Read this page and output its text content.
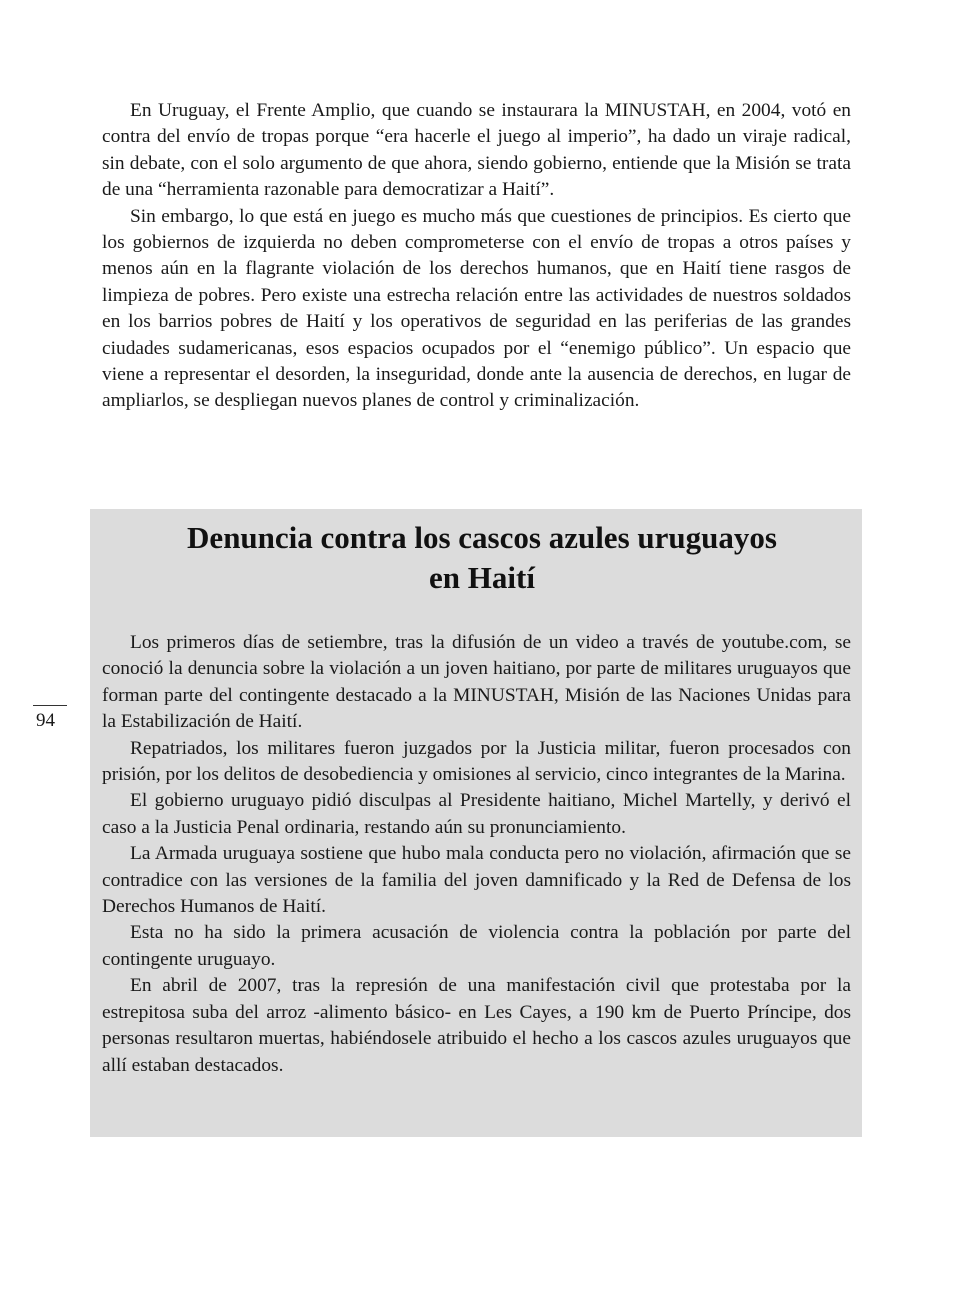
En Uruguay, el Frente Amplio, que cuando se instaurara la MINUSTAH, en 2004, votó en contra del envío de tropas porque “era hacerle el juego al imperio”, ha dado un viraje radical, sin debate, con el solo argumento de que ahora, siendo gobierno, entiende que la Misión se trata de una “herramienta razonable para democratizar a Haití”.

Sin embargo, lo que está en juego es mucho más que cuestiones de principios. Es cierto que los gobiernos de izquierda no deben comprometerse con el envío de tropas a otros países y menos aún en la flagrante violación de los derechos humanos, que en Haití tiene rasgos de limpieza de pobres. Pero existe una estrecha relación entre las actividades de nuestros soldados en los barrios pobres de Haití y los operativos de seguridad en las periferias de las grandes ciudades sudamericanas, esos espacios ocupados por el “enemigo público”. Un espacio que viene a representar el desorden, la inseguridad, donde ante la ausencia de derechos, en lugar de ampliarlos, se despliegan nuevos planes de control y criminalización.

Denuncia contra los cascos azules uruguayos
en Haití

Los primeros días de setiembre, tras la difusión de un video a través de youtube.com, se conoció la denuncia sobre la violación a un joven haitiano, por parte de militares uruguayos que forman parte del contingente destacado a la MINUSTAH, Misión de las Naciones Unidas para la Estabilización de Haití.

Repatriados, los militares fueron juzgados por la Justicia militar, fueron procesados con prisión, por los delitos de desobediencia y omisiones al servicio, cinco integrantes de la Marina.

El gobierno uruguayo pidió disculpas al Presidente haitiano, Michel Martelly, y derivó el caso a la Justicia Penal ordinaria, restando aún su pronunciamiento.

La Armada uruguaya sostiene que hubo mala conducta pero no violación, afirmación que se contradice con las versiones de la familia del joven damnificado y la Red de Defensa de los Derechos Humanos de Haití.

Esta no ha sido la primera acusación de violencia contra la población por parte del contingente uruguayo.

En abril de 2007, tras la represión de una manifestación civil que protestaba por la estrepitosa suba del arroz -alimento básico- en Les Cayes, a 190 km de Puerto Príncipe, dos personas resultaron muertas, habiéndosele atribuido el hecho a los cascos azules uruguayos que allí estaban destacados.

94
